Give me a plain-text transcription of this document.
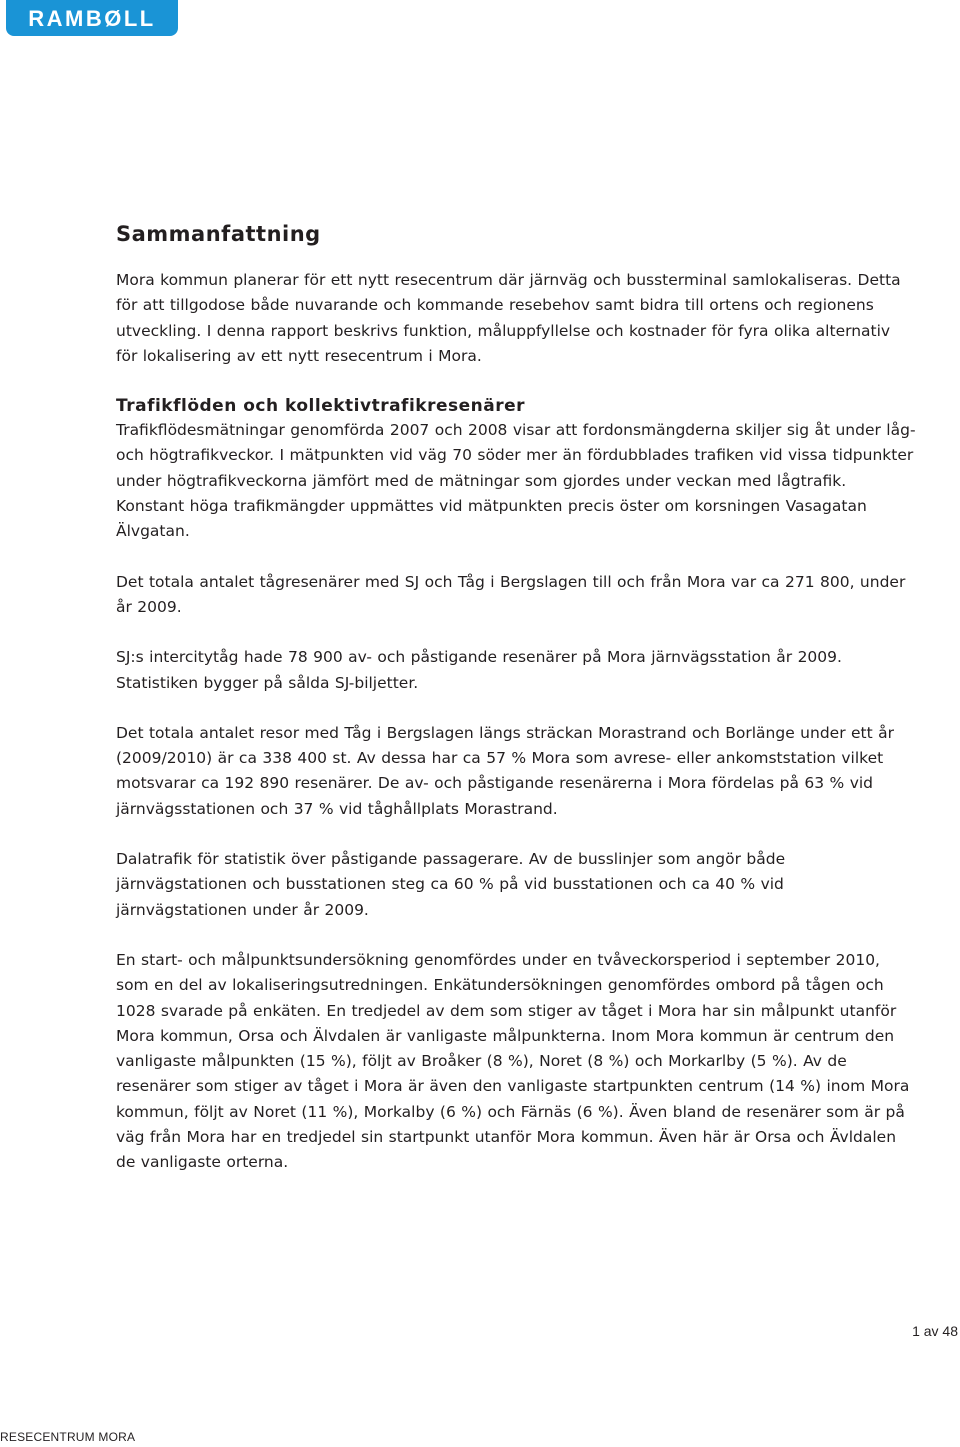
RAMBØLL
Sammanfattning

Mora kommun planerar för ett nytt resecentrum där järnväg och bussterminal samlokaliseras. Detta för att tillgodose både nuvarande och kommande resebehov samt bidra till ortens och regionens utveckling. I denna rapport beskrivs funktion, måluppfyllelse och kostnader för fyra olika alternativ för lokalisering av ett nytt resecentrum i Mora.

Trafikflöden och kollektivtrafikresenärer

Trafikflödesmätningar genomförda 2007 och 2008 visar att fordonsmängderna skiljer sig åt under låg- och högtrafikveckor. I mätpunkten vid väg 70 söder mer än fördubblades trafiken vid vissa tidpunkter under högtrafikveckorna jämfört med de mätningar som gjordes under veckan med lågtrafik. Konstant höga trafikmängder uppmättes vid mätpunkten precis öster om korsningen Vasagatan Älvgatan.

Det totala antalet tågresenärer med SJ och Tåg i Bergslagen till och från Mora var ca 271 800, under år 2009.

SJ:s intercitytåg hade 78 900 av- och påstigande resenärer på Mora järnvägsstation år 2009. Statistiken bygger på sålda SJ-biljetter.

Det totala antalet resor med Tåg i Bergslagen längs sträckan Morastrand och Borlänge under ett år (2009/2010) är ca 338 400 st. Av dessa har ca 57 % Mora som avrese- eller ankomststation vilket motsvarar ca 192 890 resenärer. De av- och påstigande resenärerna i Mora fördelas på 63 % vid järnvägsstationen och 37 % vid tåghållplats Morastrand.

Dalatrafik för statistik över påstigande passagerare. Av de busslinjer som angör både järnvägstationen och busstationen steg ca 60 % på vid busstationen och ca 40 % vid järnvägstationen under år 2009.

En start- och målpunktsundersökning genomfördes under en tvåveckorsperiod i september 2010, som en del av lokaliseringsutredningen. Enkätundersökningen genomfördes ombord på tågen och 1028 svarade på enkäten. En tredjedel av dem som stiger av tåget i Mora har sin målpunkt utanför Mora kommun, Orsa och Älvdalen är vanligaste målpunkterna. Inom Mora kommun är centrum den vanligaste målpunkten (15 %), följt av Broåker (8 %), Noret (8 %) och Morkarlby (5 %). Av de resenärer som stiger av tåget i Mora är även den vanligaste startpunkten centrum (14 %) inom Mora kommun, följt av Noret (11 %), Morkalby (6 %) och Färnäs (6 %). Även bland de resenärer som är på väg från Mora har en tredjedel sin startpunkt utanför Mora kommun. Även här är Orsa och Ävldalen de vanligaste orterna.

1 av 48
RESECENTRUM MORA
